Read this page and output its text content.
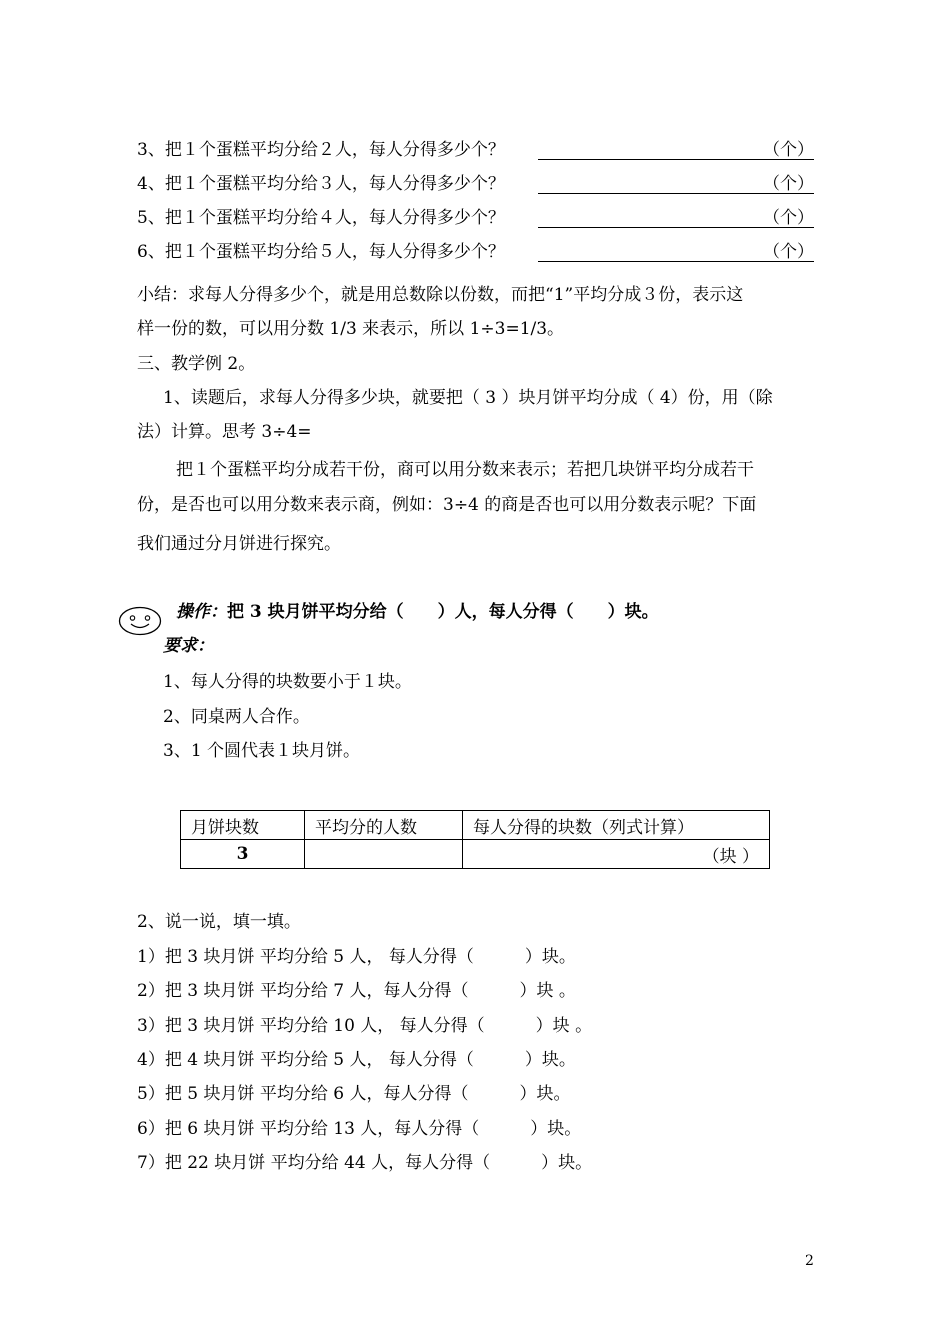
3、把１个蛋糕平均分给２人，每人分得多少个？	（个）
4、把１个蛋糕平均分给３人，每人分得多少个？	（个）
5、把１个蛋糕平均分给４人，每人分得多少个？	（个）
6、把１个蛋糕平均分给５人，每人分得多少个？	（个）
小结：求每人分得多少个，就是用总数除以份数，而把“1”平均分成３份，表示这
样一份的数，可以用分数 1/3 来表示，所以 1÷3=1/3。
三、教学例 2。
1、读题后，求每人分得多少块，就要把（ 3 ）块月饼平均分成（ 4）份，用（除
法）计算。思考 3÷4=
把１个蛋糕平均分成若干份，商可以用分数来表示；若把几块饼平均分成若干
份，是否也可以用分数来表示商，例如：3÷4 的商是否也可以用分数表示呢？下面
我们通过分月饼进行探究。
操作：把 3 块月饼平均分给（　　）人，每人分得（　　）块。
要求：
1、每人分得的块数要小于１块。
2、同桌两人合作。
3、1 个圆代表１块月饼。
月饼块数	平均分的人数	每人分得的块数（列式计算）
3		（块 ）
2、说一说，填一填。
1）把 3 块月饼 平均分给 5 人， 每人分得（　　　）块。
2）把 3 块月饼 平均分给 7 人，每人分得（　　　）块 。
3）把 3 块月饼 平均分给 10 人， 每人分得（　　　）块 。
4）把 4 块月饼 平均分给 5 人， 每人分得（　　　）块。
5）把 5 块月饼 平均分给 6 人，每人分得（　　　）块。
6）把 6 块月饼 平均分给 13 人，每人分得（　　　）块。
7）把 22 块月饼 平均分给 44 人，每人分得（　　　）块。
2
